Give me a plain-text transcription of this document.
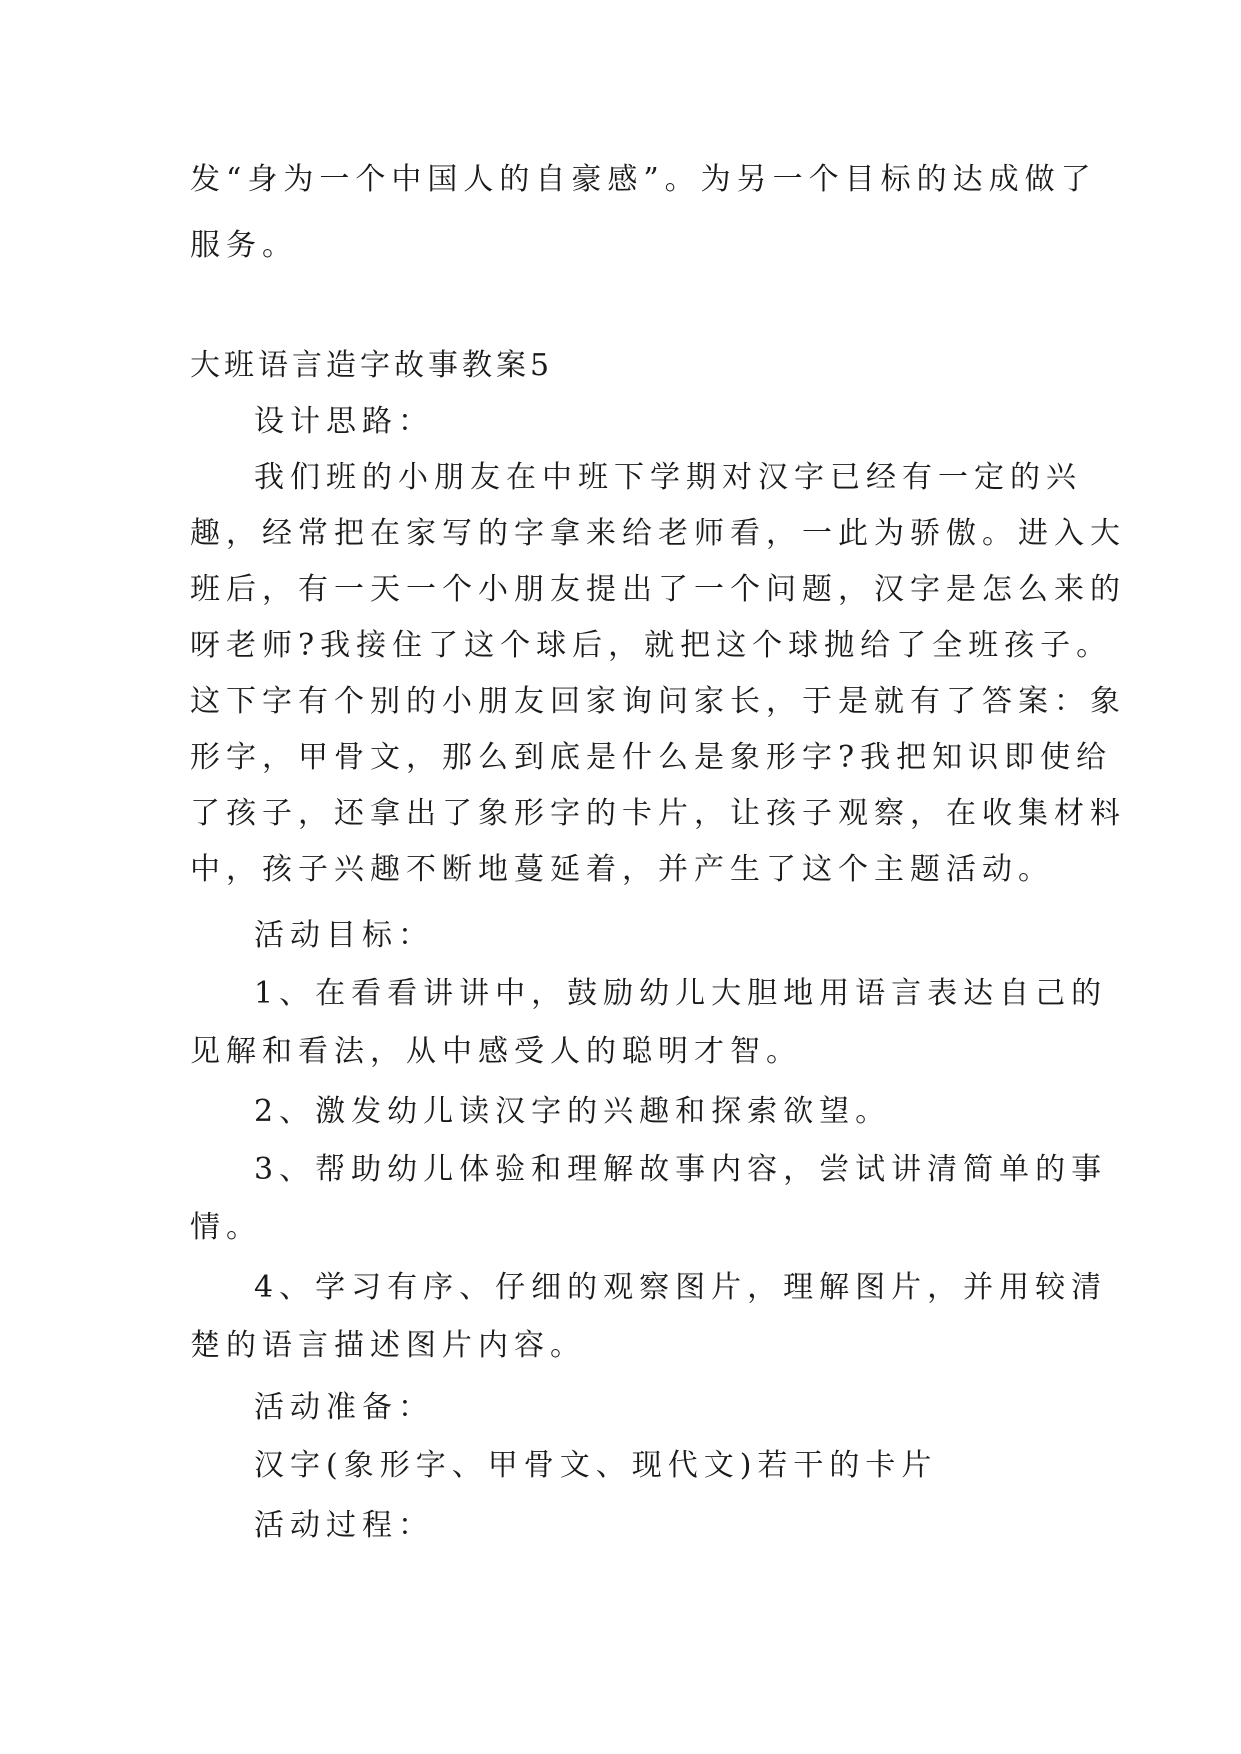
发“身为一个中国人的自豪感”。为另一个目标的达成做了
服务。
大班语言造字故事教案5
设计思路：
我们班的小朋友在中班下学期对汉字已经有一定的兴
趣，经常把在家写的字拿来给老师看，一此为骄傲。进入大
班后，有一天一个小朋友提出了一个问题，汉字是怎么来的
呀老师?我接住了这个球后，就把这个球抛给了全班孩子。
这下字有个别的小朋友回家询问家长，于是就有了答案：象
形字，甲骨文，那么到底是什么是象形字?我把知识即使给
了孩子，还拿出了象形字的卡片，让孩子观察，在收集材料
中，孩子兴趣不断地蔓延着，并产生了这个主题活动。
活动目标：
1、在看看讲讲中，鼓励幼儿大胆地用语言表达自己的
见解和看法，从中感受人的聪明才智。
2、激发幼儿读汉字的兴趣和探索欲望。
3、帮助幼儿体验和理解故事内容，尝试讲清简单的事
情。
4、学习有序、仔细的观察图片，理解图片，并用较清
楚的语言描述图片内容。
活动准备：
汉字(象形字、甲骨文、现代文)若干的卡片
活动过程：
